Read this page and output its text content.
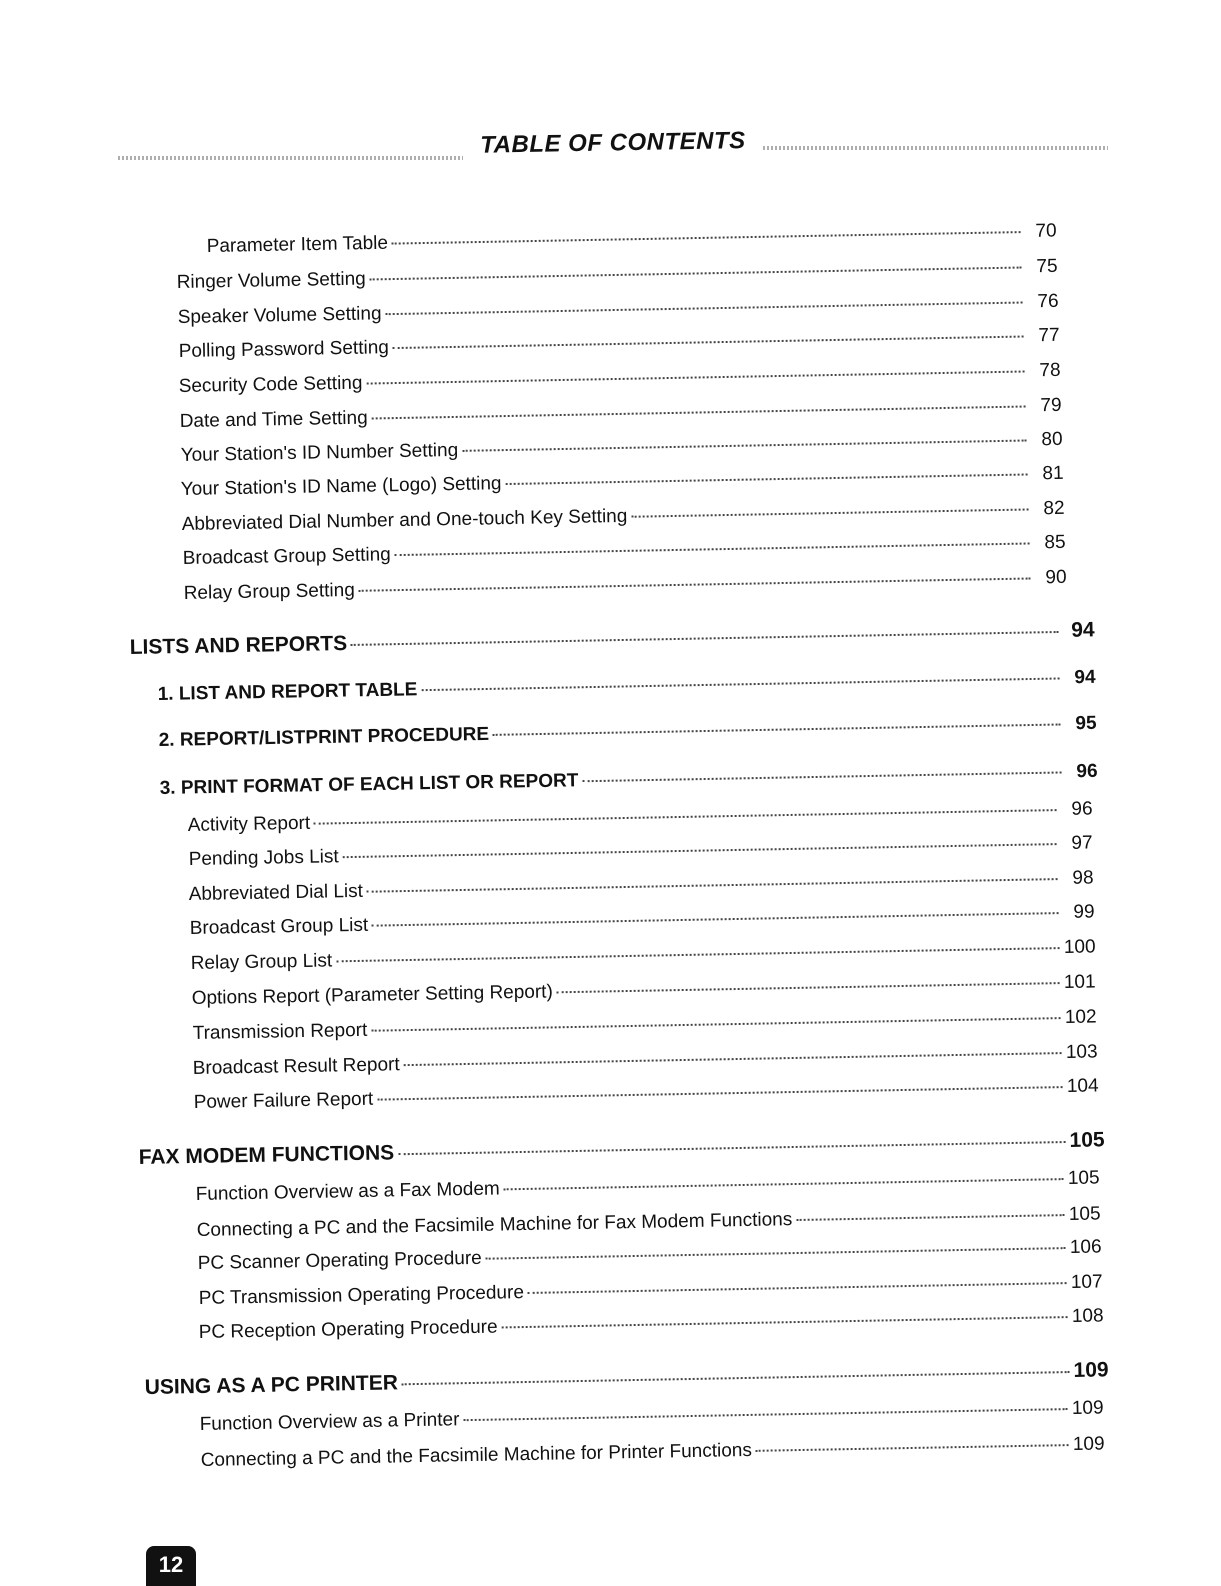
TABLE OF CONTENTS
Parameter Item Table
70
Ringer Volume Setting
75
Speaker Volume Setting
76
Polling Password Setting
77
Security Code Setting
78
Date and Time Setting
79
Your Station's ID Number Setting
80
Your Station's ID Name (Logo) Setting	81
Abbreviated Dial Number and One-touch Key Setting	82
Broadcast Group Setting
85
Relay Group Setting
90
LISTS AND REPORTS
94
1. LIST AND REPORT TABLE
94
2. REPORT/LISTPRINT PROCEDURE
95
3. PRINT FORMAT OF EACH LIST OR REPORT	96
Activity Report
96
Pending Jobs List
97
Abbreviated Dial List
98
Broadcast Group List
99
Relay Group List
100
Options Report (Parameter Setting Report)	101
Transmission Report
102
Broadcast Result Report
103
Power Failure Report
104
FAX MODEM FUNCTIONS
105
Function Overview as a Fax Modem
105
Connecting a PC and the Facsimile Machine for Fax Modem Functions	105
PC Scanner Operating Procedure
106
PC Transmission Operating Procedure	107
PC Reception Operating Procedure
108
USING AS A PC PRINTER
109
Function Overview as a Printer
109
Connecting a PC and the Facsimile Machine for Printer Functions	109
12
